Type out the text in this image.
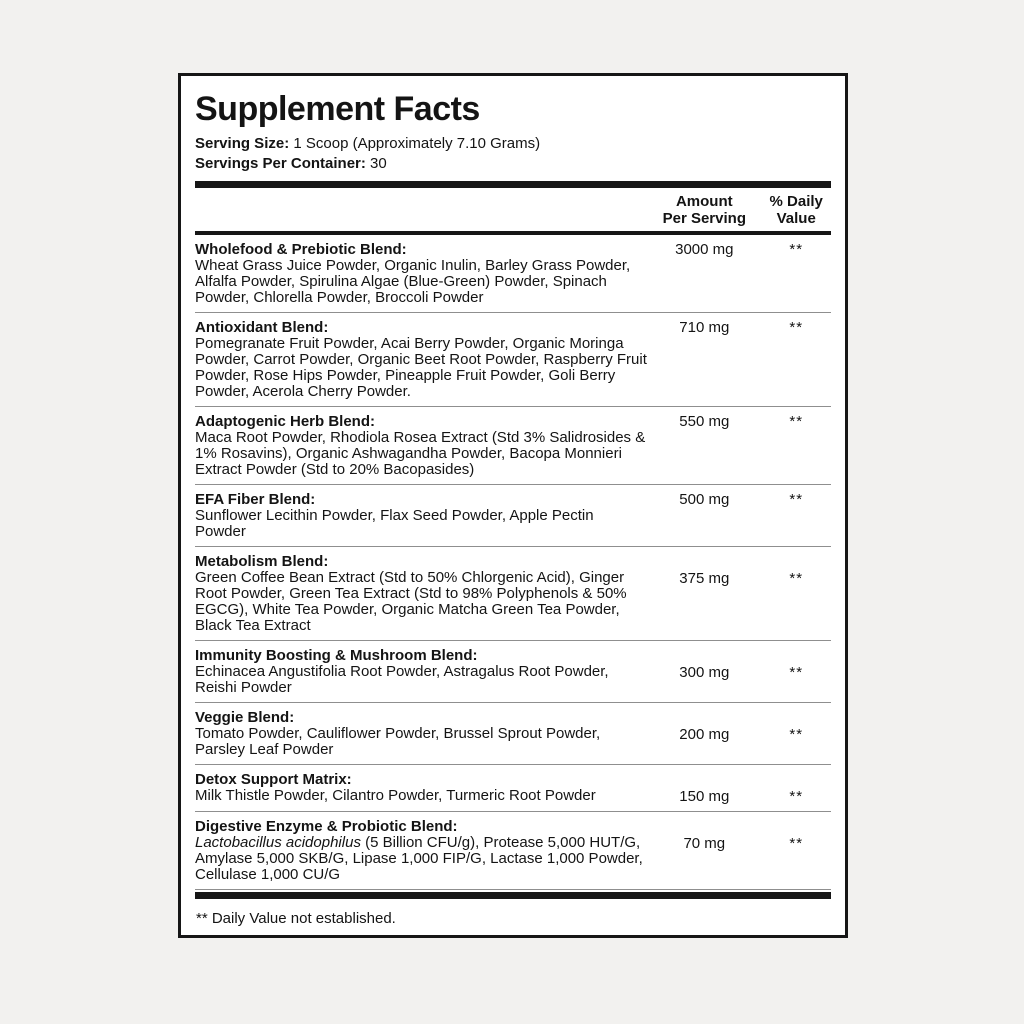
Supplement Facts
Serving Size: 1 Scoop (Approximately 7.10 Grams)
Servings Per Container: 30
Amount
Per Serving
% Daily
Value
Wholefood & Prebiotic Blend:
Wheat Grass Juice Powder, Organic Inulin, Barley Grass Powder, Alfalfa Powder, Spirulina Algae (Blue-Green) Powder, Spinach Powder, Chlorella Powder, Broccoli Powder
3000 mg	**
Antioxidant Blend:
Pomegranate Fruit Powder, Acai Berry Powder, Organic Moringa Powder, Carrot Powder, Organic Beet Root Powder, Raspberry Fruit Powder, Rose Hips Powder, Pineapple Fruit Powder, Goli Berry Powder, Acerola Cherry Powder.
710 mg	**
Adaptogenic Herb Blend:
Maca Root Powder, Rhodiola Rosea Extract (Std 3% Salidrosides & 1% Rosavins), Organic Ashwagandha Powder, Bacopa Monnieri Extract Powder (Std to 20% Bacopasides)
550 mg	**
EFA Fiber Blend:
Sunflower Lecithin Powder, Flax Seed Powder, Apple Pectin Powder
500 mg	**
Metabolism Blend:
Green Coffee Bean Extract (Std to 50% Chlorgenic Acid), Ginger Root Powder, Green Tea Extract (Std to 98% Polyphenols & 50% EGCG), White Tea Powder, Organic Matcha Green Tea Powder, Black Tea Extract
375 mg	**
Immunity Boosting & Mushroom Blend:
Echinacea Angustifolia Root Powder, Astragalus Root Powder, Reishi Powder
300 mg	**
Veggie Blend:
Tomato Powder, Cauliflower Powder, Brussel Sprout Powder, Parsley Leaf Powder
200 mg	**
Detox Support Matrix:
Milk Thistle Powder, Cilantro Powder, Turmeric Root Powder	150 mg	**
Digestive Enzyme & Probiotic Blend:
Lactobacillus acidophilus (5 Billion CFU/g), Protease 5,000 HUT/G, Amylase 5,000 SKB/G, Lipase 1,000 FIP/G, Lactase 1,000 Powder, Cellulase 1,000 CU/G
70 mg	**
** Daily Value not established.
